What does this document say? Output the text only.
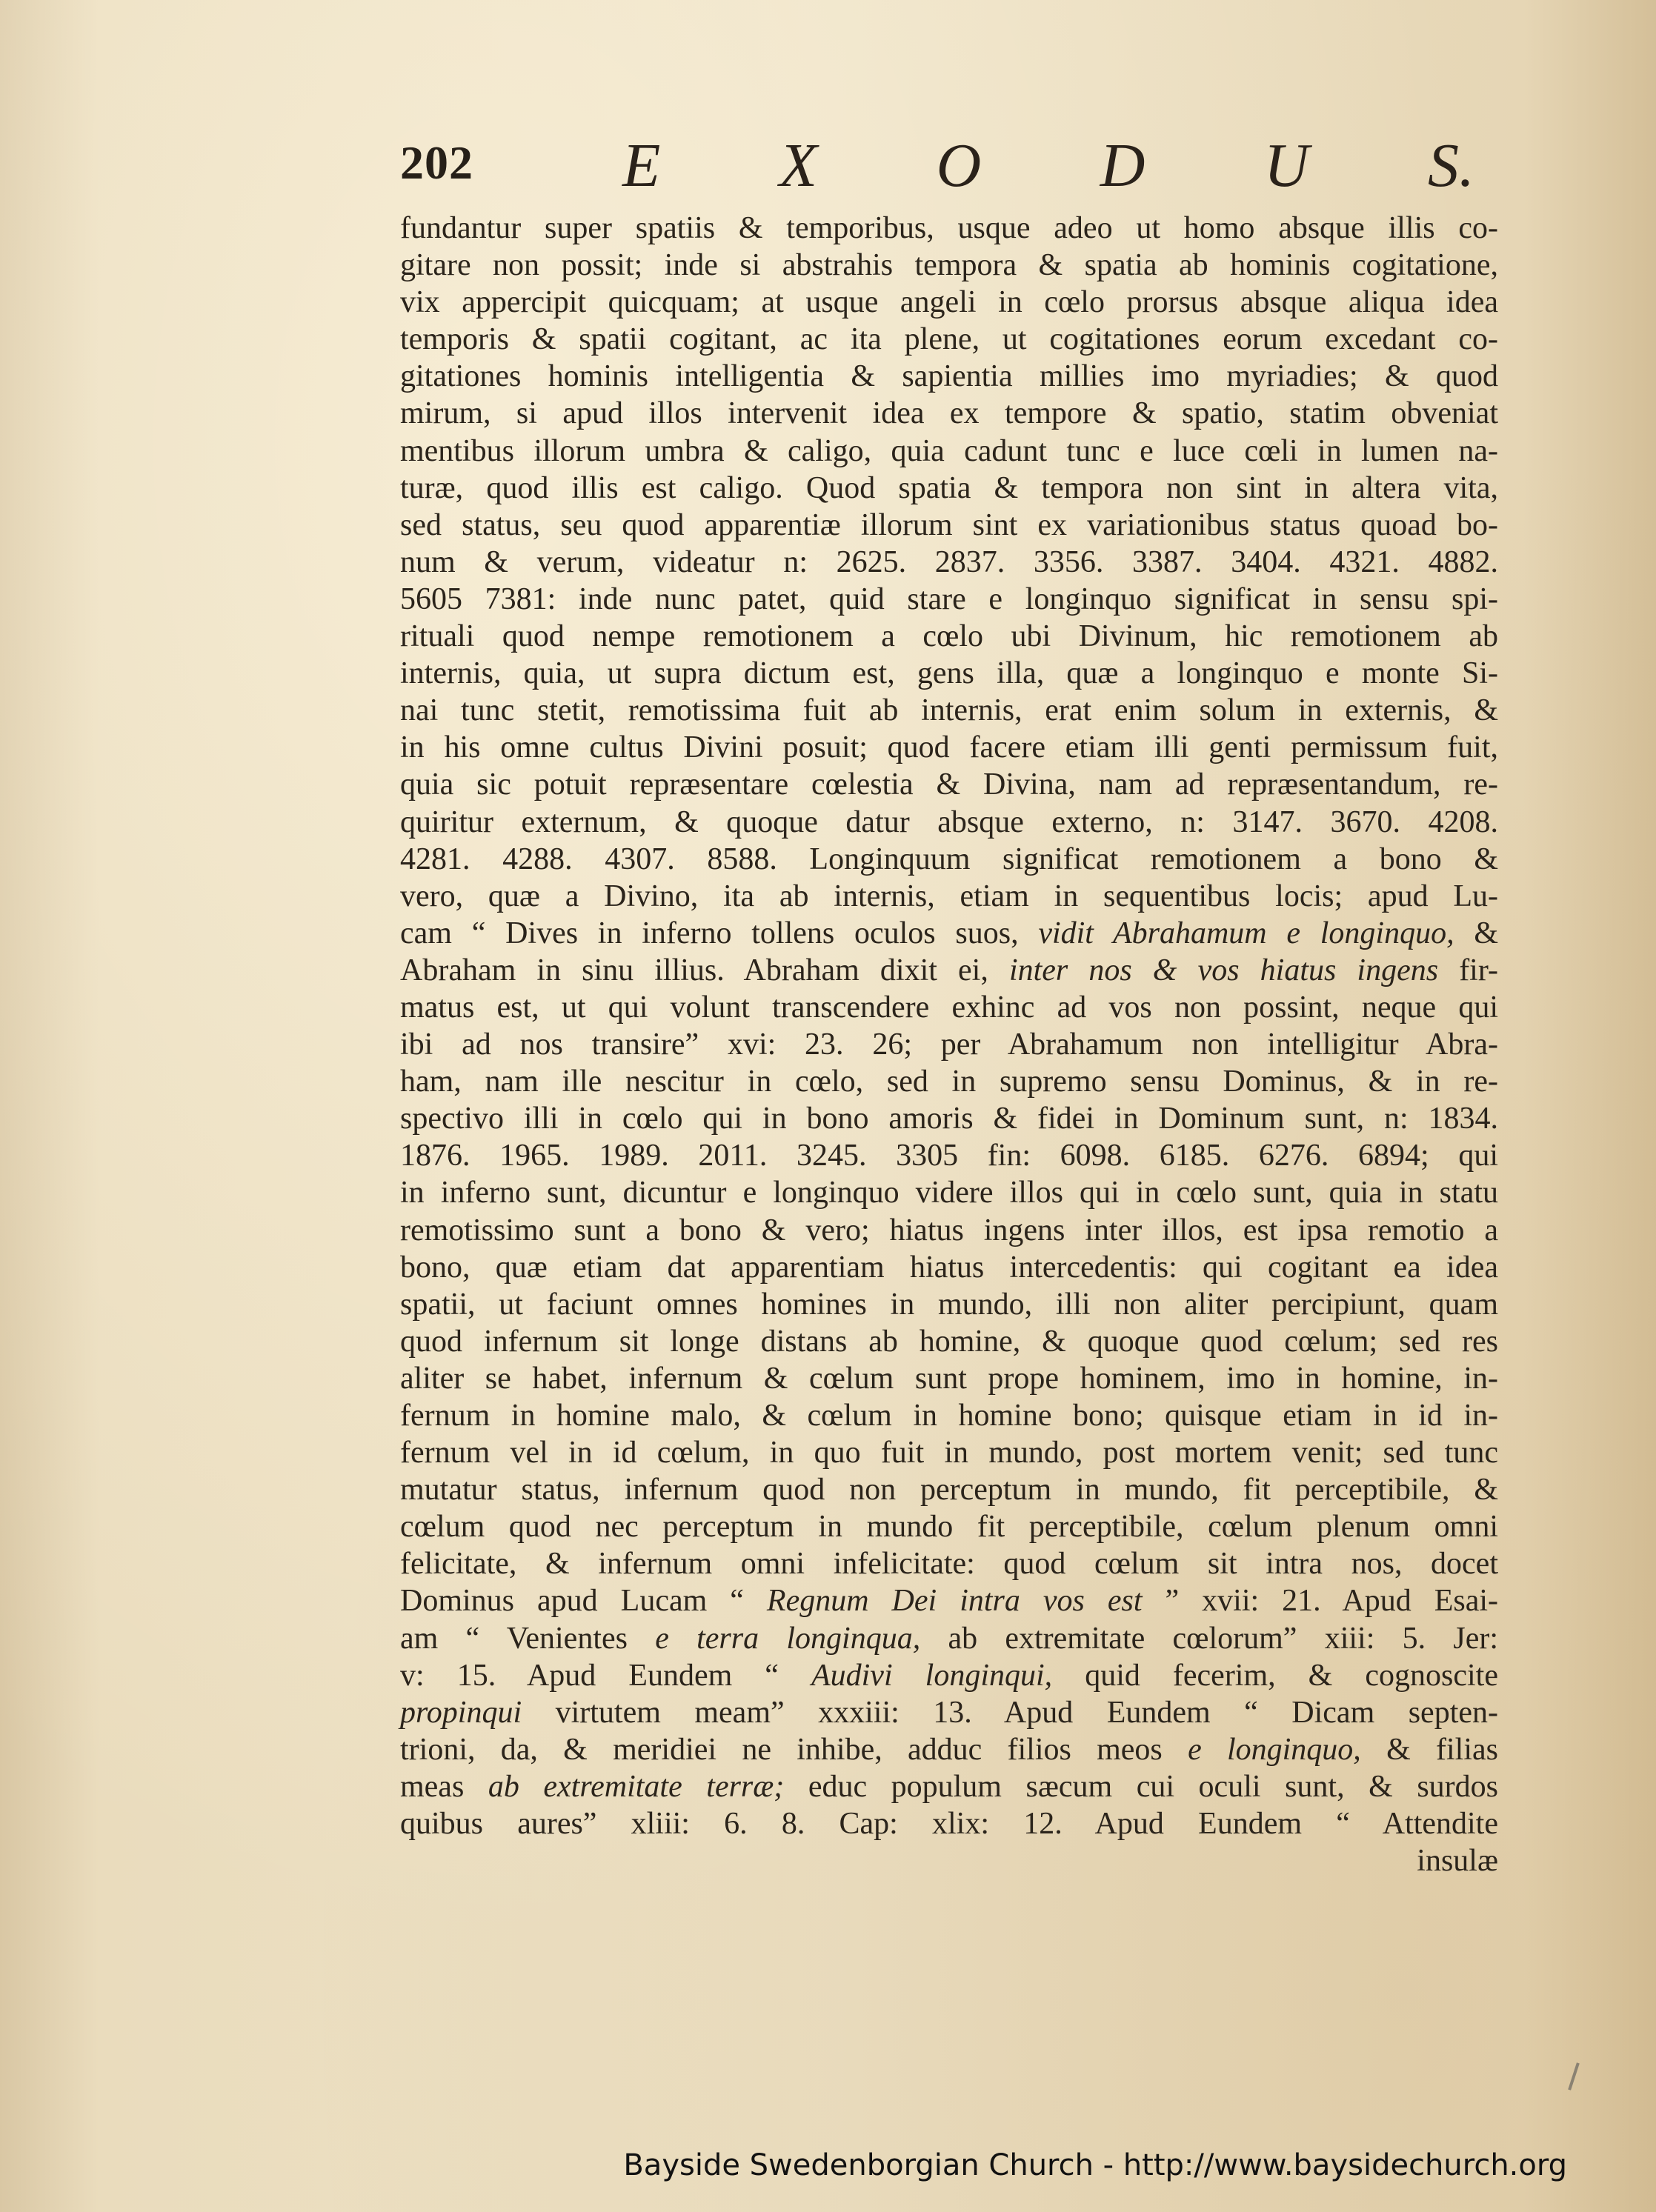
202 E X O D U S.
fundantur super spatiis & temporibus, usque adeo ut homo absque illis co-
gitare non possit; inde si abstrahis tempora & spatia ab hominis cogitatione,
vix appercipit quicquam; at usque angeli in cœlo prorsus absque aliqua idea
temporis & spatii cogitant, ac ita plene, ut cogitationes eorum excedant co-
gitationes hominis intelligentia & sapientia millies imo myriadies; & quod
mirum, si apud illos intervenit idea ex tempore & spatio, statim obveniat
mentibus illorum umbra & caligo, quia cadunt tunc e luce cœli in lumen na-
turæ, quod illis est caligo. Quod spatia & tempora non sint in altera vita,
sed status, seu quod apparentiæ illorum sint ex variationibus status quoad bo-
num & verum, videatur n: 2625. 2837. 3356. 3387. 3404. 4321. 4882.
5605 7381: inde nunc patet, quid stare e longinquo significat in sensu spi-
rituali quod nempe remotionem a cœlo ubi Divinum, hic remotionem ab
internis, quia, ut supra dictum est, gens illa, quæ a longinquo e monte Si-
nai tunc stetit, remotissima fuit ab internis, erat enim solum in externis, &
in his omne cultus Divini posuit; quod facere etiam illi genti permissum fuit,
quia sic potuit repræsentare cœlestia & Divina, nam ad repræsentandum, re-
quiritur externum, & quoque datur absque externo, n: 3147. 3670. 4208.
4281. 4288. 4307. 8588. Longinquum significat remotionem a bono &
vero, quæ a Divino, ita ab internis, etiam in sequentibus locis; apud Lu-
cam “ Dives in inferno tollens oculos suos, vidit Abrahamum e longinquo, &
Abraham in sinu illius. Abraham dixit ei, inter nos & vos hiatus ingens fir-
matus est, ut qui volunt transcendere exhinc ad vos non possint, neque qui
ibi ad nos transire” xvi: 23. 26; per Abrahamum non intelligitur Abra-
ham, nam ille nescitur in cœlo, sed in supremo sensu Dominus, & in re-
spectivo illi in cœlo qui in bono amoris & fidei in Dominum sunt, n: 1834.
1876. 1965. 1989. 2011. 3245. 3305 fin: 6098. 6185. 6276. 6894; qui
in inferno sunt, dicuntur e longinquo videre illos qui in cœlo sunt, quia in statu
remotissimo sunt a bono & vero; hiatus ingens inter illos, est ipsa remotio a
bono, quæ etiam dat apparentiam hiatus intercedentis: qui cogitant ea idea
spatii, ut faciunt omnes homines in mundo, illi non aliter percipiunt, quam
quod infernum sit longe distans ab homine, & quoque quod cœlum; sed res
aliter se habet, infernum & cœlum sunt prope hominem, imo in homine, in-
fernum in homine malo, & cœlum in homine bono; quisque etiam in id in-
fernum vel in id cœlum, in quo fuit in mundo, post mortem venit; sed tunc
mutatur status, infernum quod non perceptum in mundo, fit perceptibile, &
cœlum quod nec perceptum in mundo fit perceptibile, cœlum plenum omni
felicitate, & infernum omni infelicitate: quod cœlum sit intra nos, docet
Dominus apud Lucam “ Regnum Dei intra vos est ” xvii: 21. Apud Esai-
am “ Venientes e terra longinqua, ab extremitate cœlorum” xiii: 5. Jer:
v: 15. Apud Eundem “ Audivi longinqui, quid fecerim, & cognoscite
propinqui virtutem meam” xxxiii: 13. Apud Eundem “ Dicam septen-
trioni, da, & meridiei ne inhibe, adduc filios meos e longinquo, & filias
meas ab extremitate terræ; educ populum sæcum cui oculi sunt, & surdos
quibus aures” xliii: 6. 8. Cap: xlix: 12. Apud Eundem “ Attendite
insulæ
Bayside Swedenborgian Church - http://www.baysidechurch.org
